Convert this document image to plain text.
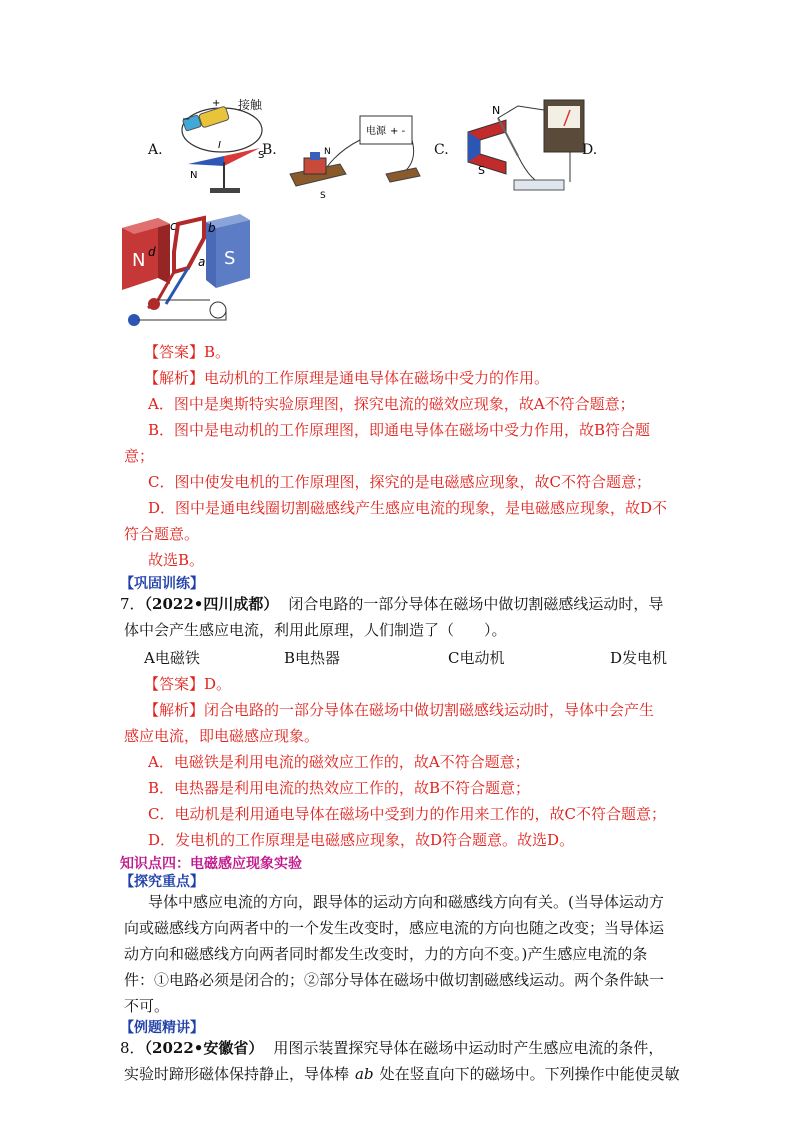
A.
+
−
I
N
S
接触
B.
电源 + -
N
S
C.
N
S
D.
N	S
c	b
d
a
【答案】B。
【解析】电动机的工作原理是通电导体在磁场中受力的作用。
A．图中是奥斯特实验原理图，探究电流的磁效应现象，故A不符合题意；
B．图中是电动机的工作原理图，即通电导体在磁场中受力作用，故B符合题
意；
C．图中使发电机的工作原理图，探究的是电磁感应现象，故C不符合题意；
D．图中是通电线圈切割磁感线产生感应电流的现象，是电磁感应现象，故D不
符合题意。
故选B。
【巩固训练】
7．（2022•四川成都） 闭合电路的一部分导体在磁场中做切割磁感线运动时，导
体中会产生感应电流，利用此原理，人们制造了（　　）。
A电磁铁	B电热器	C电动机	D发电机
【答案】D。
【解析】闭合电路的一部分导体在磁场中做切割磁感线运动时，导体中会产生
感应电流，即电磁感应现象。
A．电磁铁是利用电流的磁效应工作的，故A不符合题意；
B．电热器是利用电流的热效应工作的，故B不符合题意；
C．电动机是利用通电导体在磁场中受到力的作用来工作的，故C不符合题意；
D．发电机的工作原理是电磁感应现象，故D符合题意。故选D。
知识点四：电磁感应现象实验
【探究重点】
导体中感应电流的方向，跟导体的运动方向和磁感线方向有关。(当导体运动方
向或磁感线方向两者中的一个发生改变时，感应电流的方向也随之改变；当导体运
动方向和磁感线方向两者同时都发生改变时，力的方向不变。)产生感应电流的条
件：①电路必须是闭合的；②部分导体在磁场中做切割磁感线运动。两个条件缺一
不可。
【例题精讲】
8．（2022•安徽省） 用图示装置探究导体在磁场中运动时产生感应电流的条件，
实验时蹄形磁体保持静止，导体棒 ab 处在竖直向下的磁场中。下列操作中能使灵敏
